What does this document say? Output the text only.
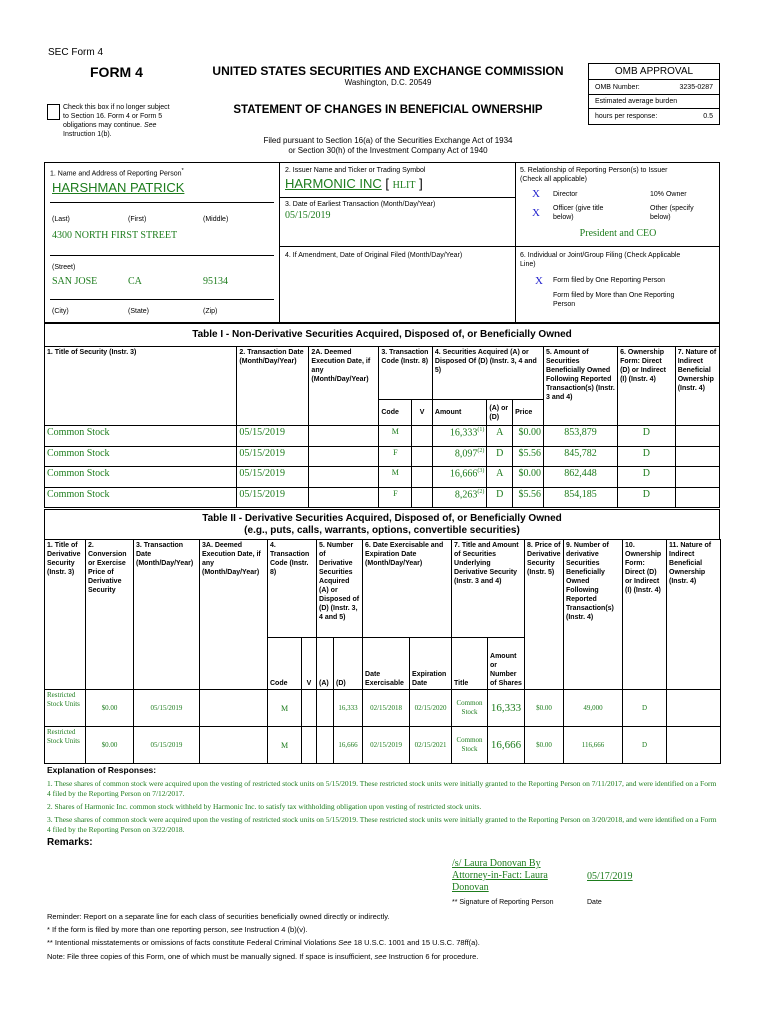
SEC Form 4
FORM 4	UNITED STATES SECURITIES AND EXCHANGE COMMISSION
Washington, D.C. 20549
Check this box if no longer subject
to Section 16. Form 4 or Form 5
obligations may continue. See
Instruction 1(b).
STATEMENT OF CHANGES IN BENEFICIAL OWNERSHIP
Filed pursuant to Section 16(a) of the Securities Exchange Act of 1934
or Section 30(h) of the Investment Company Act of 1940
OMB APPROVAL
OMB Number:	3235-0287
Estimated average burden
hours per response:	0.5
1. Name and Address of Reporting Person*
HARSHMAN PATRICK
(Last)	(First)	(Middle)
4300 NORTH FIRST STREET
(Street)
SAN JOSE	CA	95134
(City)	(State)	(Zip)
2. Issuer Name and Ticker or Trading Symbol
HARMONIC INC [ HLIT ]
3. Date of Earliest Transaction (Month/Day/Year)
05/15/2019
4. If Amendment, Date of Original Filed (Month/Day/Year)
5. Relationship of Reporting Person(s) to Issuer
(Check all applicable)
X Director	10% Owner
X Officer (give title
below)
Other (specify
below)
President and CEO
6. Individual or Joint/Group Filing (Check Applicable
Line)
X Form filed by One Reporting Person
Form filed by More than One Reporting
Person
Table I - Non-Derivative Securities Acquired, Disposed of, or Beneficially Owned
1. Title of Security (Instr. 3)	2. Transaction Date (Month/Day/Year)	2A. Deemed Execution Date, if any (Month/Day/Year)	3. Transaction Code (Instr. 8)		4. Securities Acquired (A) or Disposed Of (D) (Instr. 3, 4 and 5)			5. Amount of Securities Beneficially Owned Following Reported Transaction(s) (Instr. 3 and 4)	6. Ownership Form: Direct (D) or Indirect (I) (Instr. 4)	7. Nature of Indirect Beneficial Ownership (Instr. 4)
			Code	V	Amount	(A) or (D)	Price			
Common Stock	05/15/2019		M		16,333$^{(1)}$	A	$0.00	853,879	D	
Common Stock	05/15/2019		F		8,097$^{(2)}$	D	$5.56	845,782	D	
Common Stock	05/15/2019		M		16,666$^{(3)}$	A	$0.00	862,448	D	
Common Stock	05/15/2019		F		8,263$^{(2)}$	D	$5.56	854,185	D	
Table II - Derivative Securities Acquired, Disposed of, or Beneficially Owned
(e.g., puts, calls, warrants, options, convertible securities)
1. Title of Derivative Security (Instr. 3)	2. Conversion or Exercise Price of Derivative Security	3. Transaction Date (Month/Day/Year)	3A. Deemed Execution Date, if any (Month/Day/Year)	4. Transaction Code (Instr. 8)		5. Number of Derivative Securities Acquired (A) or Disposed of (D) (Instr. 3, 4 and 5)		6. Date Exercisable and Expiration Date (Month/Day/Year)		7. Title and Amount of Securities Underlying Derivative Security (Instr. 3 and 4)		8. Price of Derivative Security (Instr. 5)	9. Number of derivative Securities Beneficially Owned Following Reported Transaction(s) (Instr. 4)	10. Ownership Form: Direct (D) or Indirect (I) (Instr. 4)	11. Nature of Indirect Beneficial Ownership (Instr. 4)
				Code	V	(A)	(D)	Date Exercisable	Expiration Date	Title	Amount or Number of Shares				
Restricted Stock Units	$0.00	05/15/2019		M			16,333	02/15/2018	02/15/2020	Common Stock	16,333	$0.00	49,000	D	
Restricted Stock Units	$0.00	05/15/2019		M			16,666	02/15/2019	02/15/2021	Common Stock	16,666	$0.00	116,666	D	
Explanation of Responses:
1. These shares of common stock were acquired upon the vesting of restricted stock units on 5/15/2019. These restricted stock units were initially granted to the Reporting Person on 7/11/2017, and were identified on a Form 4 filed by the Reporting Person on 7/12/2017.
2. Shares of Harmonic Inc. common stock withheld by Harmonic Inc. to satisfy tax withholding obligation upon vesting of restricted stock units.
3. These shares of common stock were acquired upon the vesting of restricted stock units on 5/15/2019. These restricted stock units were initially granted to the Reporting Person on 3/20/2018, and were identified on a Form 4 filed by the Reporting Person on 3/22/2018.
Remarks:
/s/ Laura Donovan By
Attorney-in-Fact: Laura
Donovan
05/17/2019
** Signature of Reporting Person	Date
Reminder: Report on a separate line for each class of securities beneficially owned directly or indirectly.
* If the form is filed by more than one reporting person, see Instruction 4 (b)(v).
** Intentional misstatements or omissions of facts constitute Federal Criminal Violations See 18 U.S.C. 1001 and 15 U.S.C. 78ff(a).
Note: File three copies of this Form, one of which must be manually signed. If space is insufficient, see Instruction 6 for procedure.
